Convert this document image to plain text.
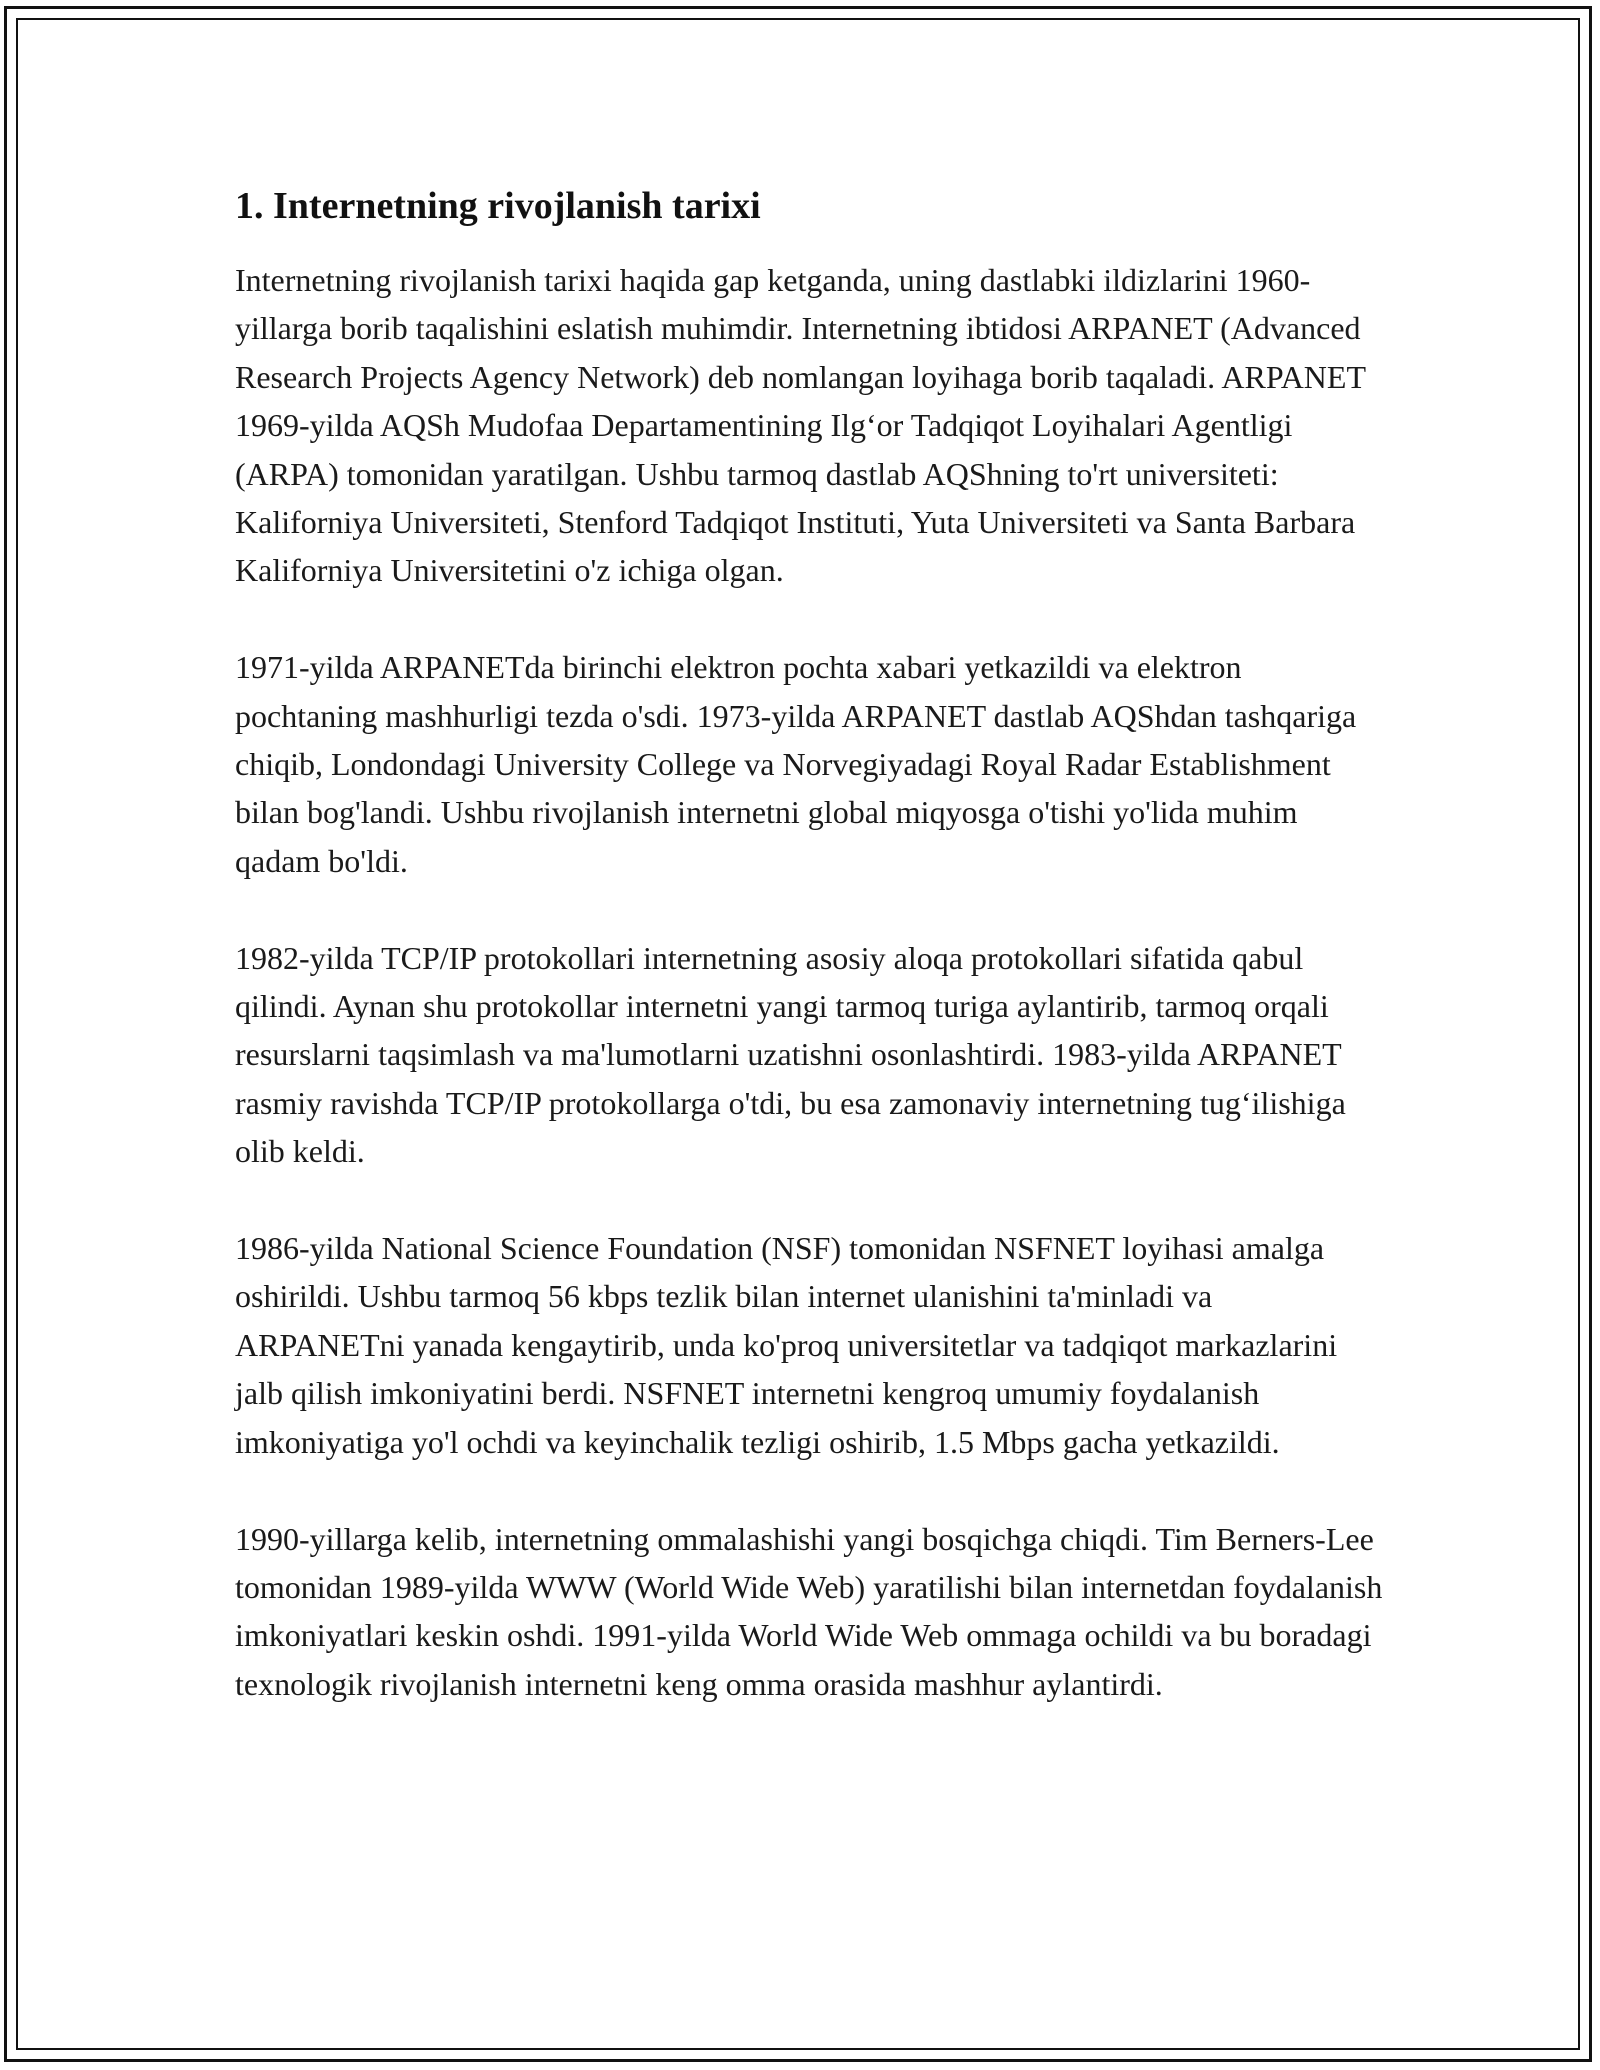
1. Internetning rivojlanish tarixi

Internetning rivojlanish tarixi haqida gap ketganda, uning dastlabki ildizlarini 1960-yillarga borib taqalishini eslatish muhimdir. Internetning ibtidosi ARPANET (Advanced Research Projects Agency Network) deb nomlangan loyihaga borib taqaladi. ARPANET 1969-yilda AQSh Mudofaa Departamentining Ilg‘or Tadqiqot Loyihalari Agentligi (ARPA) tomonidan yaratilgan. Ushbu tarmoq dastlab AQShning to'rt universiteti: Kaliforniya Universiteti, Stenford Tadqiqot Instituti, Yuta Universiteti va Santa Barbara Kaliforniya Universitetini o'z ichiga olgan.

1971-yilda ARPANETda birinchi elektron pochta xabari yetkazildi va elektron pochtaning mashhurligi tezda o'sdi. 1973-yilda ARPANET dastlab AQShdan tashqariga chiqib, Londondagi University College va Norvegiyadagi Royal Radar Establishment bilan bog'landi. Ushbu rivojlanish internetni global miqyosga o'tishi yo'lida muhim qadam bo'ldi.

1982-yilda TCP/IP protokollari internetning asosiy aloqa protokollari sifatida qabul qilindi. Aynan shu protokollar internetni yangi tarmoq turiga aylantirib, tarmoq orqali resurslarni taqsimlash va ma'lumotlarni uzatishni osonlashtirdi. 1983-yilda ARPANET rasmiy ravishda TCP/IP protokollarga o'tdi, bu esa zamonaviy internetning tug‘ilishiga olib keldi.

1986-yilda National Science Foundation (NSF) tomonidan NSFNET loyihasi amalga oshirildi. Ushbu tarmoq 56 kbps tezlik bilan internet ulanishini ta'minladi va ARPANETni yanada kengaytirib, unda ko'proq universitetlar va tadqiqot markazlarini jalb qilish imkoniyatini berdi. NSFNET internetni kengroq umumiy foydalanish imkoniyatiga yo'l ochdi va keyinchalik tezligi oshirib, 1.5 Mbps gacha yetkazildi.

1990-yillarga kelib, internetning ommalashishi yangi bosqichga chiqdi. Tim Berners-Lee tomonidan 1989-yilda WWW (World Wide Web) yaratilishi bilan internetdan foydalanish imkoniyatlari keskin oshdi. 1991-yilda World Wide Web ommaga ochildi va bu boradagi texnologik rivojlanish internetni keng omma orasida mashhur aylantirdi.
